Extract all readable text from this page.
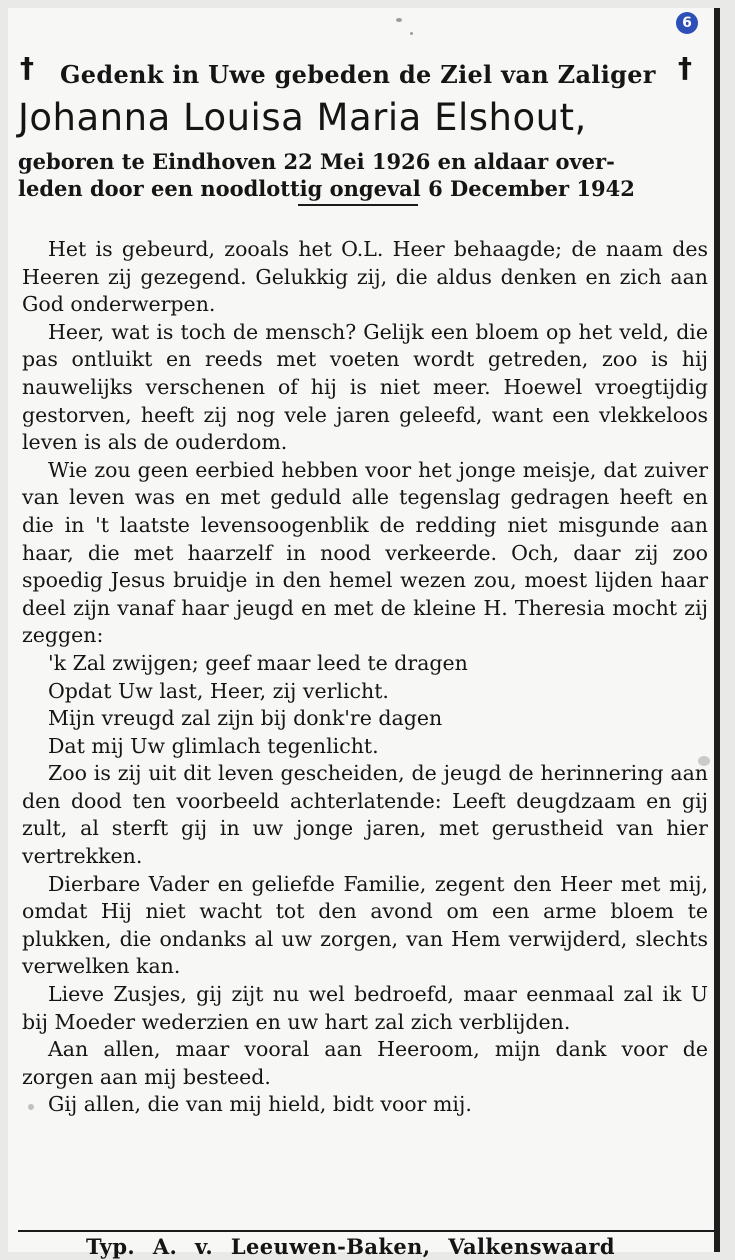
6
†	†
Gedenk in Uwe gebeden de Ziel van Zaliger
Johanna Louisa Maria Elshout,
geboren te Eindhoven 22 Mei 1926 en aldaar over-
leden door een noodlottig ongeval 6 December 1942

Het is gebeurd, zooals het O.L. Heer behaagde; de naam des Heeren zij gezegend. Gelukkig zij, die aldus denken en zich aan God onderwerpen.

Heer, wat is toch de mensch? Gelijk een bloem op het veld, die pas ontluikt en reeds met voeten wordt getreden, zoo is hij nauwelijks verschenen of hij is niet meer. Hoewel vroegtijdig gestorven, heeft zij nog vele jaren geleefd, want een vlekkeloos leven is als de ouderdom.

Wie zou geen eerbied hebben voor het jonge meisje, dat zuiver van leven was en met geduld alle tegenslag gedragen heeft en die in 't laatste levensoogenblik de redding niet misgunde aan haar, die met haarzelf in nood verkeerde. Och, daar zij zoo spoedig Jesus bruidje in den hemel wezen zou, moest lijden haar deel zijn vanaf haar jeugd en met de kleine H. Theresia mocht zij zeggen:

'k Zal zwijgen; geef maar leed te dragen

Opdat Uw last, Heer, zij verlicht.

Mijn vreugd zal zijn bij donk're dagen

Dat mij Uw glimlach tegenlicht.

Zoo is zij uit dit leven gescheiden, de jeugd de herinnering aan den dood ten voorbeeld achterlatende: Leeft deugdzaam en gij zult, al sterft gij in uw jonge jaren, met gerustheid van hier vertrekken.

Dierbare Vader en geliefde Familie, zegent den Heer met mij, omdat Hij niet wacht tot den avond om een arme bloem te plukken, die ondanks al uw zorgen, van Hem verwijderd, slechts verwelken kan.

Lieve Zusjes, gij zijt nu wel bedroefd, maar eenmaal zal ik U bij Moeder wederzien en uw hart zal zich verblijden.

Aan allen, maar vooral aan Heeroom, mijn dank voor de zorgen aan mij besteed.

Gij allen, die van mij hield, bidt voor mij.

Typ. A. v. Leeuwen-Baken, Valkenswaard
